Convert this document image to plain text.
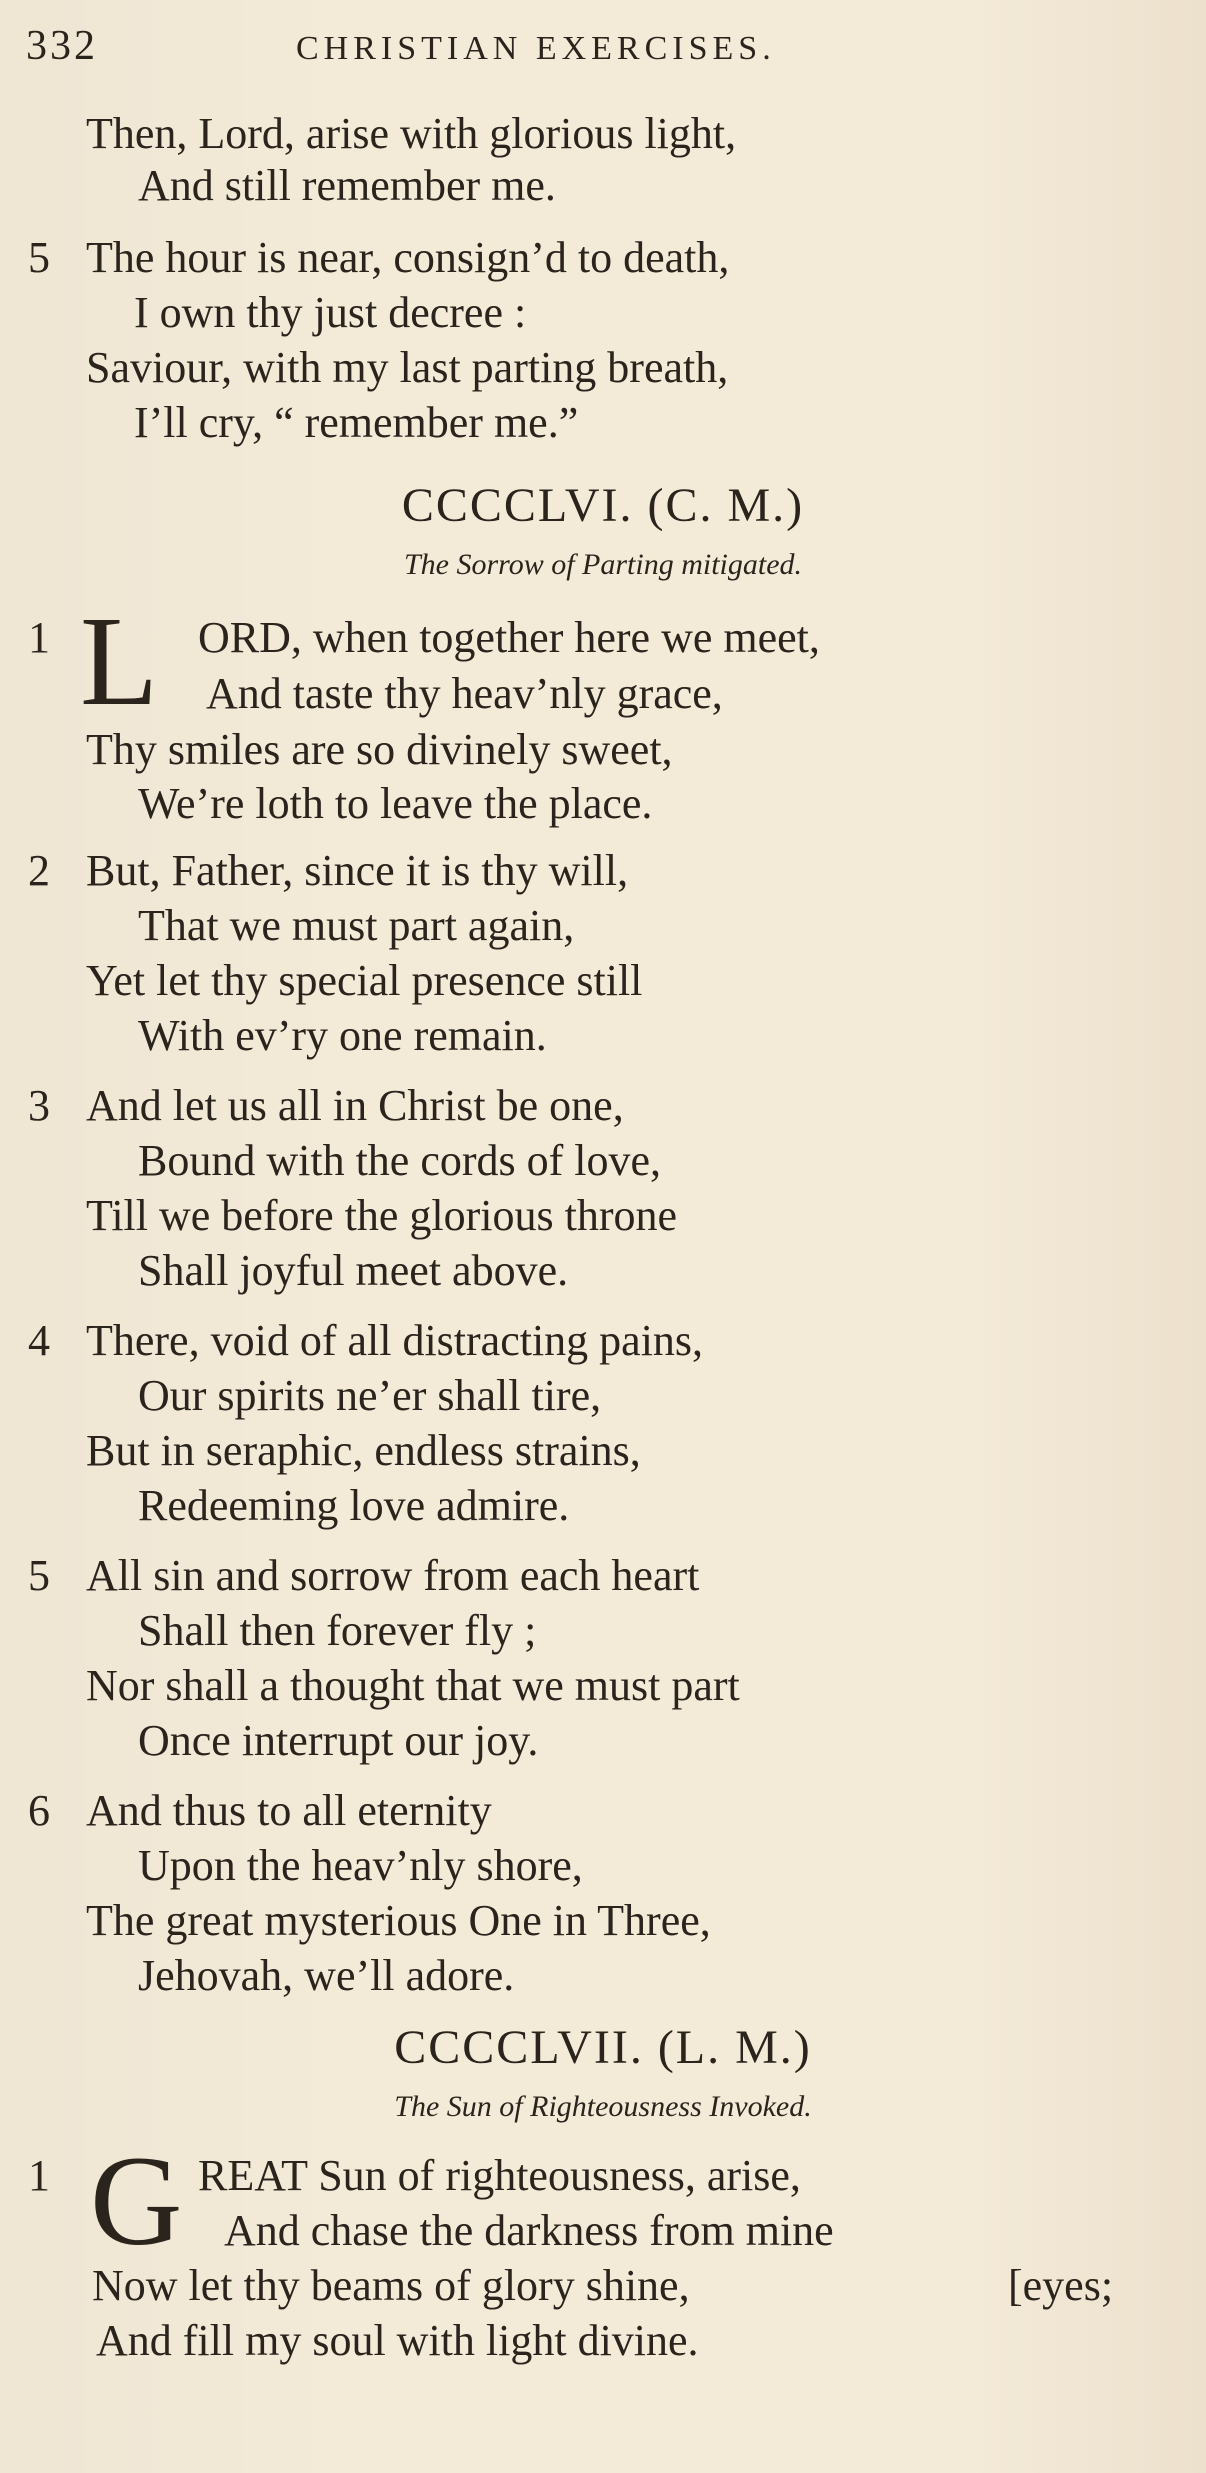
332	CHRISTIAN EXERCISES.
Then, Lord, arise with glorious light,
And still remember me.
5 The hour is near, consign’d to death,
I own thy just decree :
Saviour, with my last parting breath,
I’ll cry, “ remember me.”
CCCCLVI. (C. M.)
The Sorrow of Parting mitigated.
1 L ORD, when together here we meet,
And taste thy heav’nly grace,
Thy smiles are so divinely sweet,
We’re loth to leave the place.
2 But, Father, since it is thy will,
That we must part again,
Yet let thy special presence still
With ev’ry one remain.
3 And let us all in Christ be one,
Bound with the cords of love,
Till we before the glorious throne
Shall joyful meet above.
4 There, void of all distracting pains,
Our spirits ne’er shall tire,
But in seraphic, endless strains,
Redeeming love admire.
5 All sin and sorrow from each heart
Shall then forever fly ;
Nor shall a thought that we must part
Once interrupt our joy.
6 And thus to all eternity
Upon the heav’nly shore,
The great mysterious One in Three,
Jehovah, we’ll adore.
CCCCLVII. (L. M.)
The Sun of Righteousness Invoked.
1 G REAT Sun of righteousness, arise,
And chase the darkness from mine
Now let thy beams of glory shine,	[eyes;
And fill my soul with light divine.
